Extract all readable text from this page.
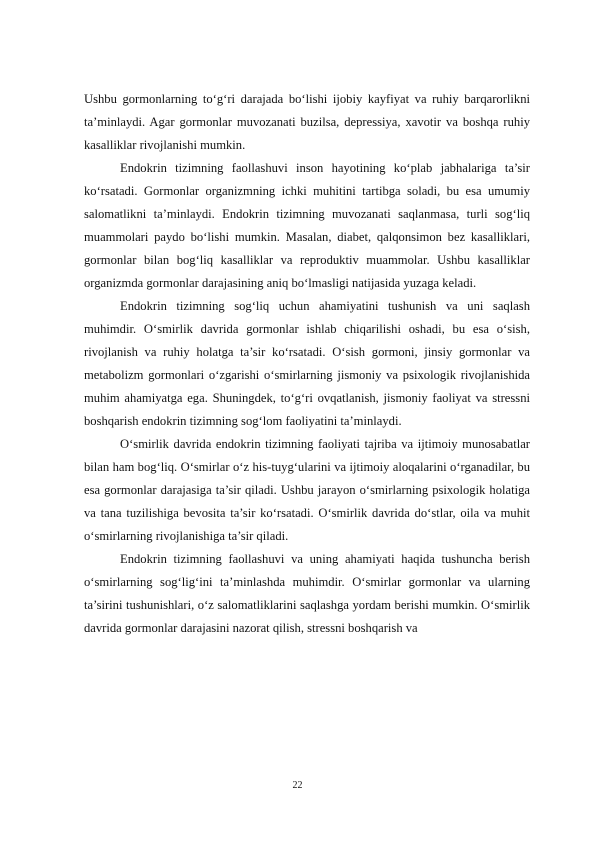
Ushbu gormonlarning to‘g‘ri darajada bo‘lishi ijobiy kayfiyat va ruhiy barqarorlikni ta’minlaydi. Agar gormonlar muvozanati buzilsa, depressiya, xavotir va boshqa ruhiy kasalliklar rivojlanishi mumkin.

Endokrin tizimning faollashuvi inson hayotining ko‘plab jabhalariga ta’sir ko‘rsatadi. Gormonlar organizmning ichki muhitini tartibga soladi, bu esa umumiy salomatlikni ta’minlaydi. Endokrin tizimning muvozanati saqlanmasa, turli sog‘liq muammolari paydo bo‘lishi mumkin. Masalan, diabet, qalqonsimon bez kasalliklari, gormonlar bilan bog‘liq kasalliklar va reproduktiv muammolar. Ushbu kasalliklar organizmda gormonlar darajasining aniq bo‘lmasligi natijasida yuzaga keladi.

Endokrin tizimning sog‘liq uchun ahamiyatini tushunish va uni saqlash muhimdir. O‘smirlik davrida gormonlar ishlab chiqarilishi oshadi, bu esa o‘sish, rivojlanish va ruhiy holatga ta’sir ko‘rsatadi. O‘sish gormoni, jinsiy gormonlar va metabolizm gormonlari o‘zgarishi o‘smirlarning jismoniy va psixologik rivojlanishida muhim ahamiyatga ega. Shuningdek, to‘g‘ri ovqatlanish, jismoniy faoliyat va stressni boshqarish endokrin tizimning sog‘lom faoliyatini ta’minlaydi.

O‘smirlik davrida endokrin tizimning faoliyati tajriba va ijtimoiy munosabatlar bilan ham bog‘liq. O‘smirlar o‘z his-tuyg‘ularini va ijtimoiy aloqalarini o‘rganadilar, bu esa gormonlar darajasiga ta’sir qiladi. Ushbu jarayon o‘smirlarning psixologik holatiga va tana tuzilishiga bevosita ta’sir ko‘rsatadi. O‘smirlik davrida do‘stlar, oila va muhit o‘smirlarning rivojlanishiga ta’sir qiladi.

Endokrin tizimning faollashuvi va uning ahamiyati haqida tushuncha berish o‘smirlarning sog‘lig‘ini ta’minlashda muhimdir. O‘smirlar gormonlar va ularning ta’sirini tushunishlari, o‘z salomatliklarini saqlashga yordam berishi mumkin. O‘smirlik davrida gormonlar darajasini nazorat qilish, stressni boshqarish va

22
